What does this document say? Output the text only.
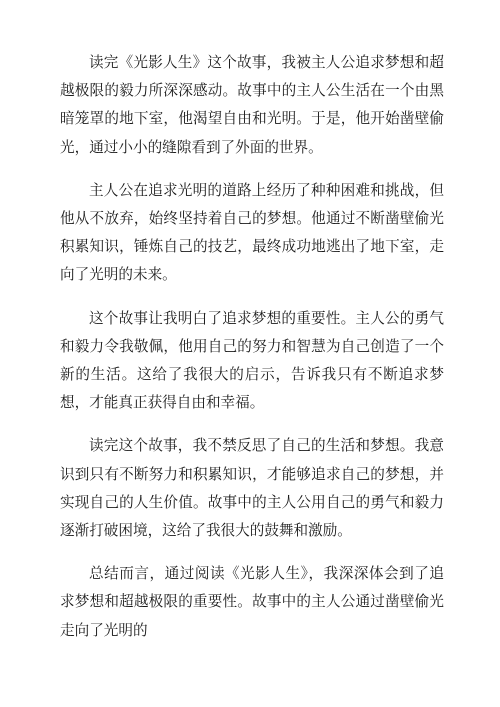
读完《光影人生》这个故事，我被主人公追求梦想和超越极限的毅力所深深感动。故事中的主人公生活在一个由黑暗笼罩的地下室，他渴望自由和光明。于是，他开始凿壁偷光，通过小小的缝隙看到了外面的世界。

主人公在追求光明的道路上经历了种种困难和挑战，但他从不放弃，始终坚持着自己的梦想。他通过不断凿壁偷光积累知识，锤炼自己的技艺，最终成功地逃出了地下室，走向了光明的未来。

这个故事让我明白了追求梦想的重要性。主人公的勇气和毅力令我敬佩，他用自己的努力和智慧为自己创造了一个新的生活。这给了我很大的启示，告诉我只有不断追求梦想，才能真正获得自由和幸福。

读完这个故事，我不禁反思了自己的生活和梦想。我意识到只有不断努力和积累知识，才能够追求自己的梦想，并实现自己的人生价值。故事中的主人公用自己的勇气和毅力逐渐打破困境，这给了我很大的鼓舞和激励。

总结而言，通过阅读《光影人生》，我深深体会到了追求梦想和超越极限的重要性。故事中的主人公通过凿壁偷光走向了光明的
